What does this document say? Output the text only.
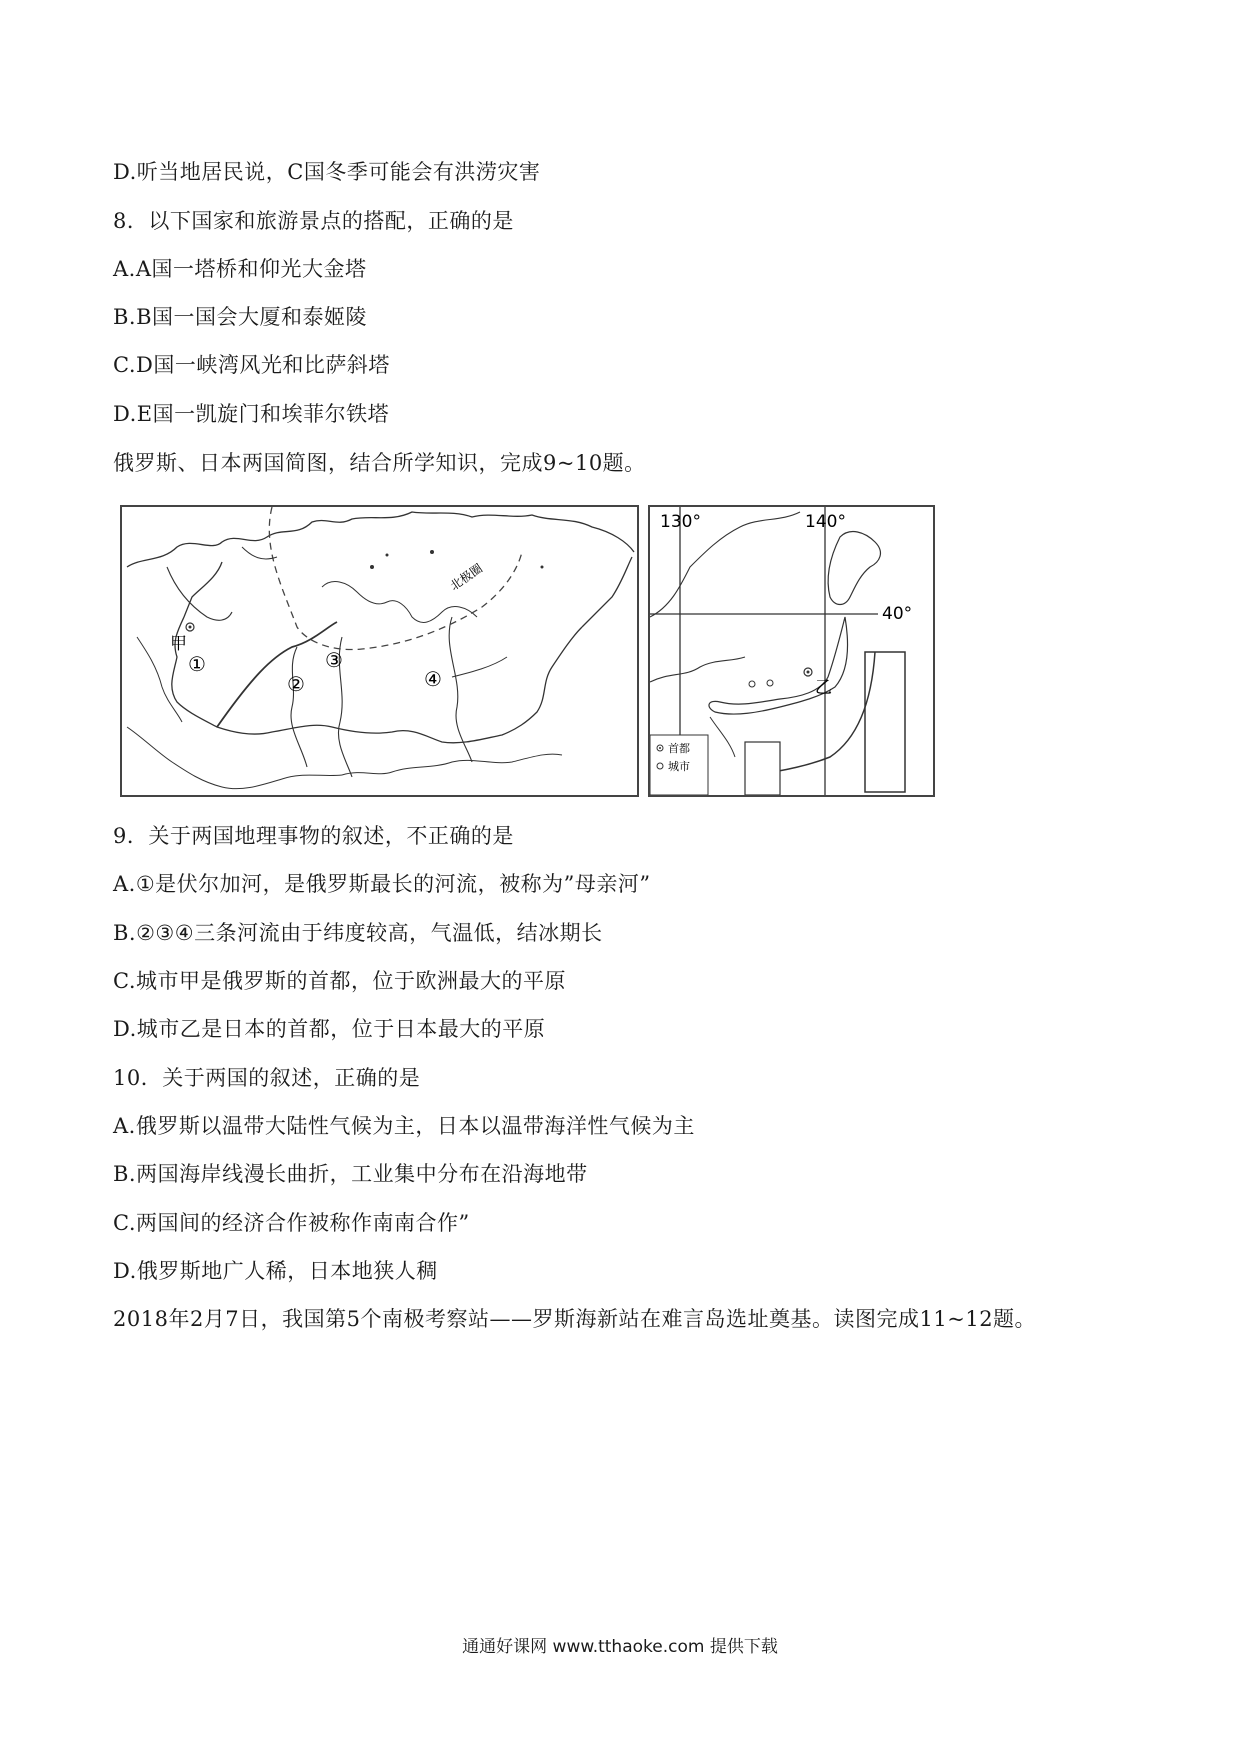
D.听当地居民说，C国冬季可能会有洪涝灾害
8．以下国家和旅游景点的搭配，正确的是
A.A国一塔桥和仰光大金塔
B.B国一国会大厦和泰姬陵
C.D国一峡湾风光和比萨斜塔
D.E国一凯旋门和埃菲尔铁塔
俄罗斯、日本两国简图，结合所学知识，完成9~10题。
甲
①
②
③
④
北极圈
130°	140°
40°
乙
首都
城市
9．关于两国地理事物的叙述，不正确的是
A.①是伏尔加河，是俄罗斯最长的河流，被称为”母亲河”
B.②③④三条河流由于纬度较高，气温低，结冰期长
C.城市甲是俄罗斯的首都，位于欧洲最大的平原
D.城市乙是日本的首都，位于日本最大的平原
10．关于两国的叙述，正确的是
A.俄罗斯以温带大陆性气候为主，日本以温带海洋性气候为主
B.两国海岸线漫长曲折，工业集中分布在沿海地带
C.两国间的经济合作被称作南南合作”
D.俄罗斯地广人稀，日本地狭人稠
2018年2月7日，我国第5个南极考察站——罗斯海新站在难言岛选址奠基。读图完成11~12题。
通通好课网 www.tthaoke.com 提供下载
